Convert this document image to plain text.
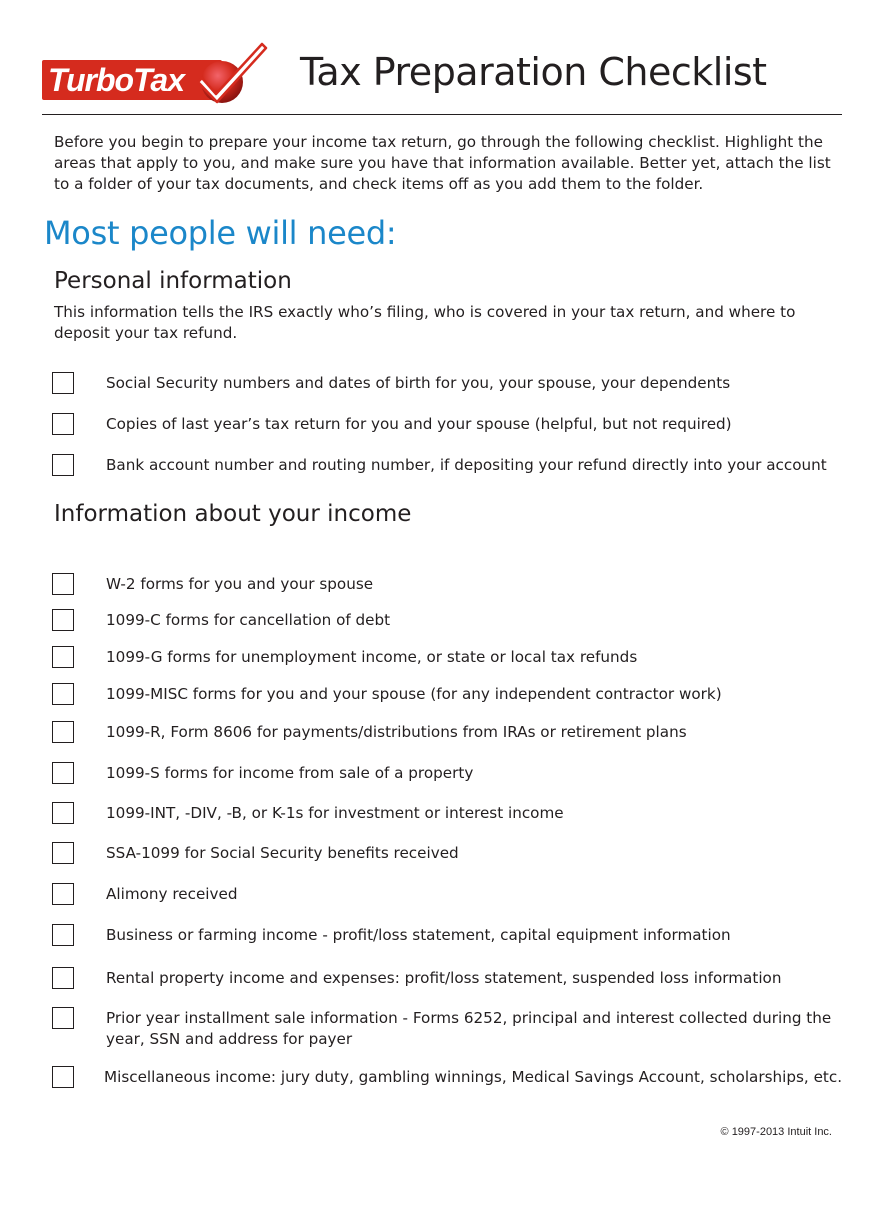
TurboTax	Tax Preparation Checklist
Before you begin to prepare your income tax return, go through the following checklist. Highlight the areas that apply to you, and make sure you have that information available. Better yet, attach the list to a folder of your tax documents, and check items off as you add them to the folder.
Most people will need:
Personal information
This information tells the IRS exactly who’s filing, who is covered in your tax return, and where to deposit your tax refund.
Social Security numbers and dates of birth for you, your spouse, your dependents
Copies of last year’s tax return for you and your spouse (helpful, but not required)
Bank account number and routing number, if depositing your refund directly into your account
Information about your income
W-2 forms for you and your spouse
1099-C forms for cancellation of debt
1099-G forms for unemployment income, or state or local tax refunds
1099-MISC forms for you and your spouse (for any independent contractor work)
1099-R, Form 8606 for payments/distributions from IRAs or retirement plans
1099-S forms for income from sale of a property
1099-INT, -DIV, -B, or K-1s for investment or interest income
SSA-1099 for Social Security benefits received
Alimony received
Business or farming income - profit/loss statement, capital equipment information
Rental property income and expenses: profit/loss statement, suspended loss information
Prior year installment sale information - Forms 6252, principal and interest collected during the year, SSN and address for payer
Miscellaneous income: jury duty, gambling winnings, Medical Savings Account, scholarships, etc.
© 1997-2013 Intuit Inc.
